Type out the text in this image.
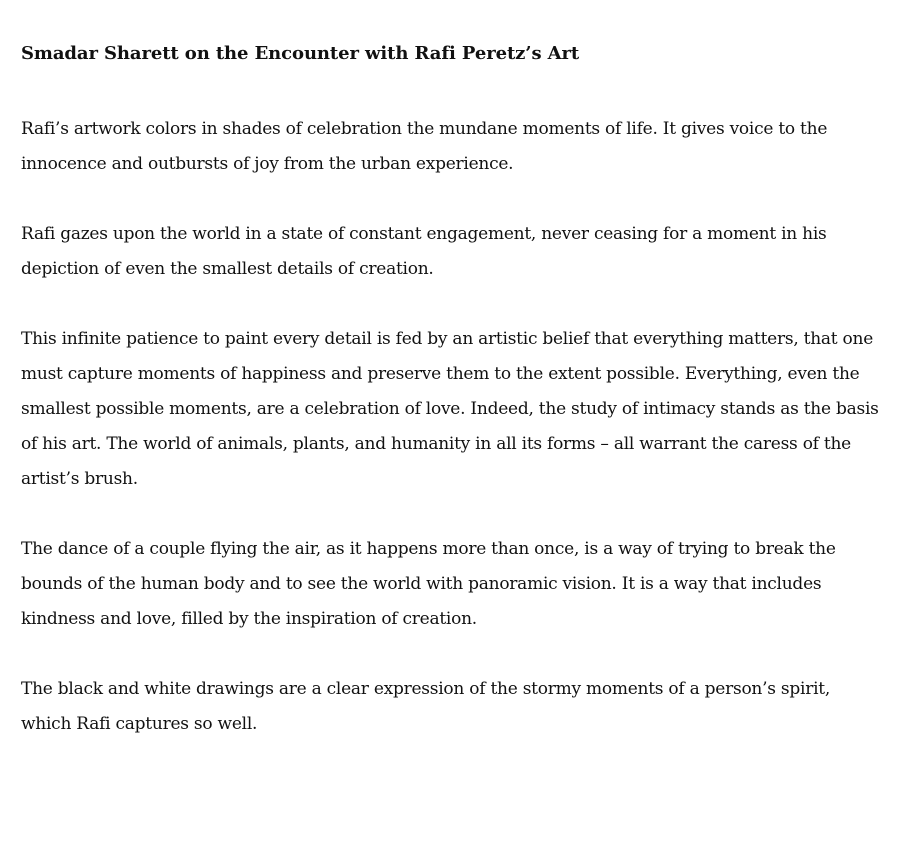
Smadar Sharett on the Encounter with Rafi Peretz’s Art

Rafi’s artwork colors in shades of celebration the mundane moments of life. It gives voice to the innocence and outbursts of joy from the urban experience.

Rafi gazes upon the world in a state of constant engagement, never ceasing for a moment in his depiction of even the smallest details of creation.

This infinite patience to paint every detail is fed by an artistic belief that everything matters, that one must capture moments of happiness and preserve them to the extent possible. Everything, even the smallest possible moments, are a celebration of love. Indeed, the study of intimacy stands as the basis of his art. The world of animals, plants, and humanity in all its forms – all warrant the caress of the artist’s brush.

The dance of a couple flying the air, as it happens more than once, is a way of trying to break the bounds of the human body and to see the world with panoramic vision. It is a way that includes kindness and love, filled by the inspiration of creation.

The black and white drawings are a clear expression of the stormy moments of a person’s spirit, which Rafi captures so well.
